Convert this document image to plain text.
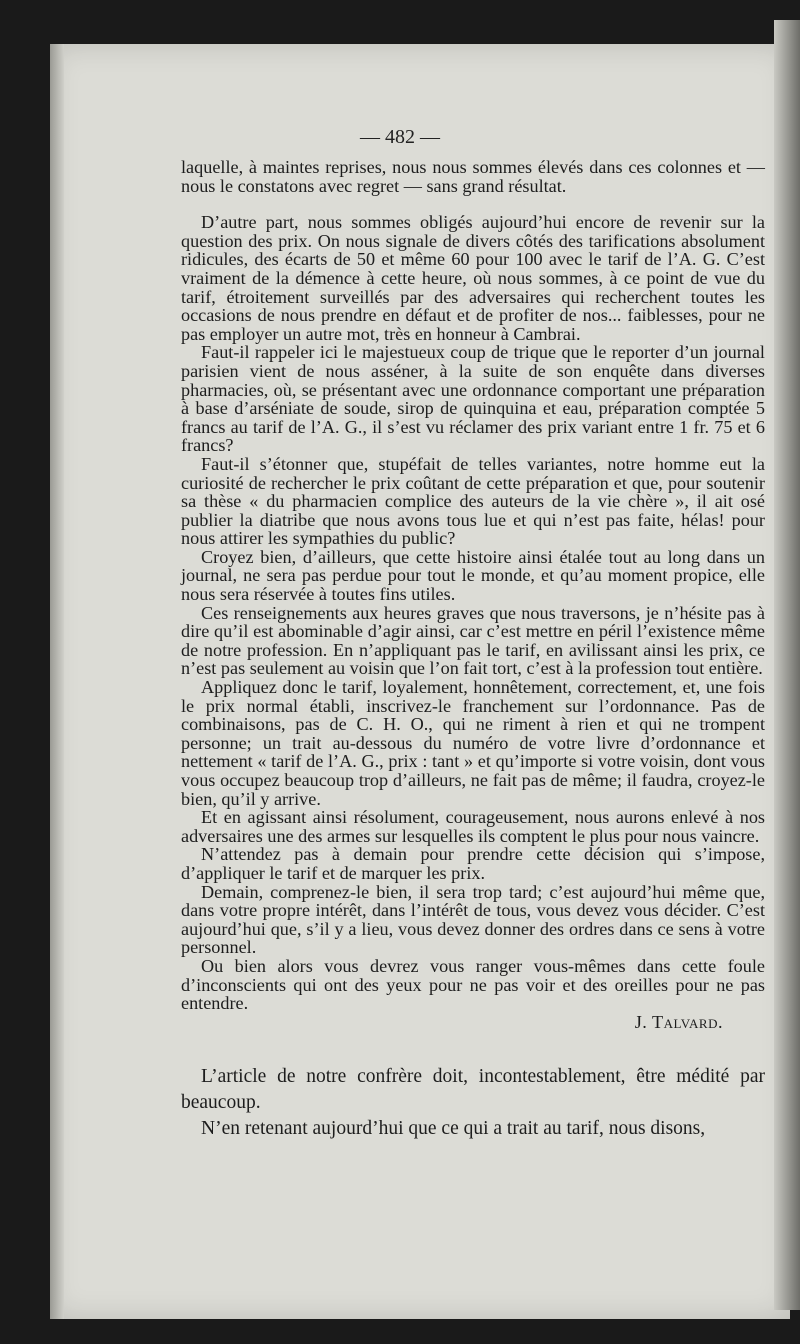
— 482 —

laquelle, à maintes reprises, nous nous sommes élevés dans ces colonnes et — nous le constatons avec regret — sans grand résultat.

D’autre part, nous sommes obligés aujourd’hui encore de revenir sur la question des prix. On nous signale de divers côtés des tarifications absolument ridicules, des écarts de 50 et même 60 pour 100 avec le tarif de l’A. G. C’est vraiment de la démence à cette heure, où nous sommes, à ce point de vue du tarif, étroitement surveillés par des adversaires qui recherchent toutes les occasions de nous prendre en défaut et de profiter de nos... faiblesses, pour ne pas employer un autre mot, très en honneur à Cambrai.

Faut-il rappeler ici le majestueux coup de trique que le reporter d’un journal parisien vient de nous asséner, à la suite de son enquête dans diverses pharmacies, où, se présentant avec une ordonnance comportant une préparation à base d’arséniate de soude, sirop de quinquina et eau, préparation comptée 5 francs au tarif de l’A. G., il s’est vu réclamer des prix variant entre 1 fr. 75 et 6 francs?

Faut-il s’étonner que, stupéfait de telles variantes, notre homme eut la curiosité de rechercher le prix coûtant de cette préparation et que, pour soutenir sa thèse « du pharmacien complice des auteurs de la vie chère », il ait osé publier la diatribe que nous avons tous lue et qui n’est pas faite, hélas! pour nous attirer les sympathies du public?

Croyez bien, d’ailleurs, que cette histoire ainsi étalée tout au long dans un journal, ne sera pas perdue pour tout le monde, et qu’au moment propice, elle nous sera réservée à toutes fins utiles.

Ces renseignements aux heures graves que nous traversons, je n’hésite pas à dire qu’il est abominable d’agir ainsi, car c’est mettre en péril l’existence même de notre profession. En n’appliquant pas le tarif, en avilissant ainsi les prix, ce n’est pas seulement au voisin que l’on fait tort, c’est à la profession tout entière.

Appliquez donc le tarif, loyalement, honnêtement, correctement, et, une fois le prix normal établi, inscrivez-le franchement sur l’ordonnance. Pas de combinaisons, pas de C. H. O., qui ne riment à rien et qui ne trompent personne; un trait au-dessous du numéro de votre livre d’ordonnance et nettement « tarif de l’A. G., prix : tant » et qu’importe si votre voisin, dont vous vous occupez beaucoup trop d’ailleurs, ne fait pas de même; il faudra, croyez-le bien, qu’il y arrive.

Et en agissant ainsi résolument, courageusement, nous aurons enlevé à nos adversaires une des armes sur lesquelles ils comptent le plus pour nous vaincre.

N’attendez pas à demain pour prendre cette décision qui s’impose, d’appliquer le tarif et de marquer les prix.

Demain, comprenez-le bien, il sera trop tard; c’est aujourd’hui même que, dans votre propre intérêt, dans l’intérêt de tous, vous devez vous décider. C’est aujourd’hui que, s’il y a lieu, vous devez donner des ordres dans ce sens à votre personnel.

Ou bien alors vous devrez vous ranger vous-mêmes dans cette foule d’inconscients qui ont des yeux pour ne pas voir et des oreilles pour ne pas entendre.

J. Talvard.

L’article de notre confrère doit, incontestablement, être médité par beaucoup.

N’en retenant aujourd’hui que ce qui a trait au tarif, nous disons,
